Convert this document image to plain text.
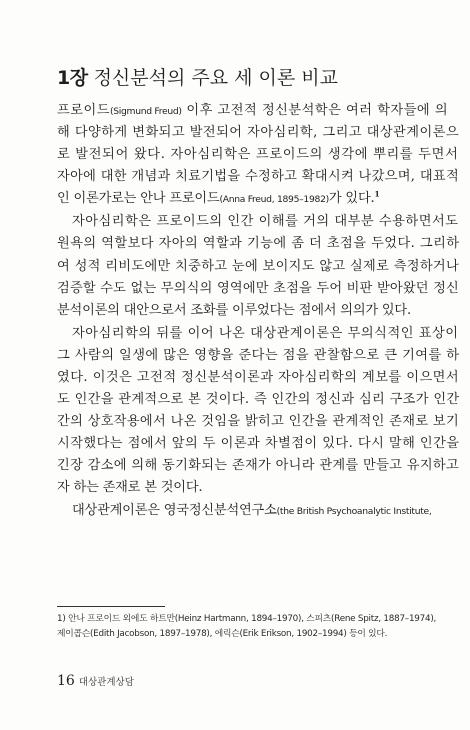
1장 정신분석의 주요 세 이론 비교
프로이드(Sigmund Freud) 이후 고전적 정신분석학은 여러 학자들에 의
해 다양하게 변화되고 발전되어 자아심리학, 그리고 대상관계이론으
로 발전되어 왔다. 자아심리학은 프로이드의 생각에 뿌리를 두면서
자아에 대한 개념과 치료기법을 수정하고 확대시켜 나갔으며, 대표적
인 이론가로는 안나 프로이드(Anna Freud, 1895–1982)가 있다.$^1$
자아심리학은 프로이드의 인간 이해를 거의 대부분 수용하면서도
원욕의 역할보다 자아의 역할과 기능에 좀 더 초점을 두었다. 그리하
여 성적 리비도에만 치중하고 눈에 보이지도 않고 실제로 측정하거나
검증할 수도 없는 무의식의 영역에만 초점을 두어 비판 받아왔던 정신
분석이론의 대안으로서 조화를 이루었다는 점에서 의의가 있다.
자아심리학의 뒤를 이어 나온 대상관계이론은 무의식적인 표상이
그 사람의 일생에 많은 영향을 준다는 점을 관찰함으로 큰 기여를 하
였다. 이것은 고전적 정신분석이론과 자아심리학의 계보를 이으면서
도 인간을 관계적으로 본 것이다. 즉 인간의 정신과 심리 구조가 인간
간의 상호작용에서 나온 것임을 밝히고 인간을 관계적인 존재로 보기
시작했다는 점에서 앞의 두 이론과 차별점이 있다. 다시 말해 인간을
긴장 감소에 의해 동기화되는 존재가 아니라 관계를 만들고 유지하고
자 하는 존재로 본 것이다.
대상관계이론은 영국정신분석연구소(the British Psychoanalytic Institute,
1) 안나 프로이드 외에도 하트만(Heinz Hartmann, 1894–1970), 스피츠(Rene Spitz, 1887–1974),
제이콥슨(Edith Jacobson, 1897–1978), 에릭슨(Erik Erikson, 1902–1994) 등이 있다.
16 대상관계상담
